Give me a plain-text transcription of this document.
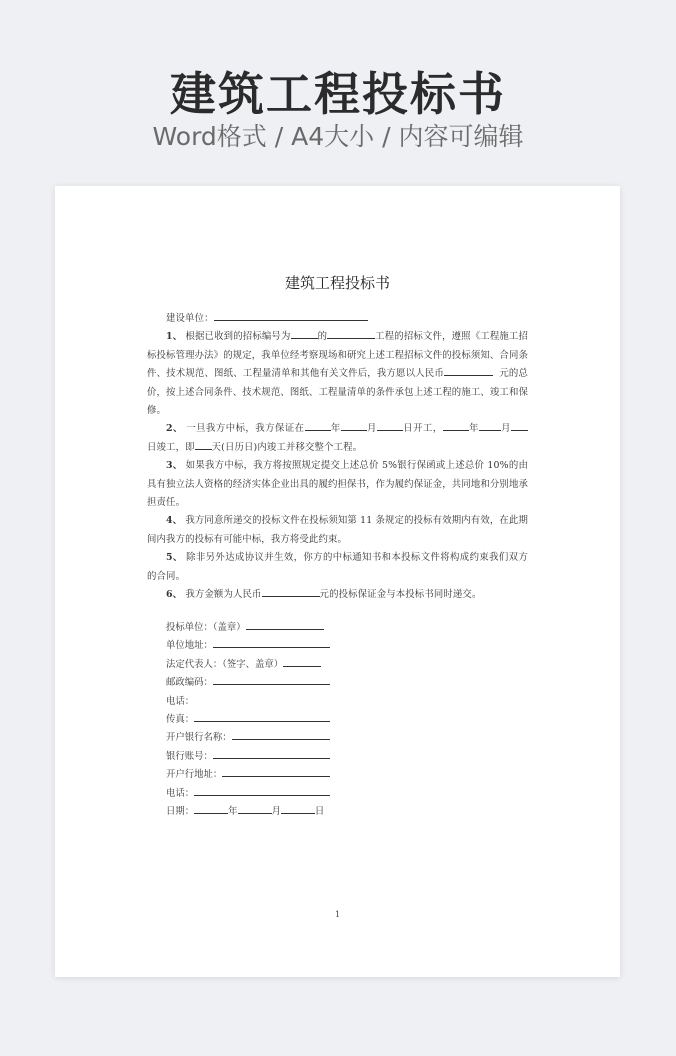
建筑工程投标书
Word格式 / A4大小 / 内容可编辑
建筑工程投标书

建设单位：

1、 根据已收到的招标编号为	的	工程的招标文件，遵照《工程施工招标投标管理办法》的规定，我单位经考察现场和研究上述工程招标文件的投标须知、合同条件、技术规范、图纸、工程量清单和其他有关文件后，我方愿以人民币	元的总价，按上述合同条件、技术规范、图纸、工程量清单的条件承包上述工程的施工、竣工和保修。

2、 一旦我方中标，我方保证在	年	月	日开工，	年 月日竣工，即 天(日历日)内竣工并移交整个工程。

3、 如果我方中标，我方将按照规定提交上述总价 5%银行保函或上述总价 10%的由具有独立法人资格的经济实体企业出具的履约担保书，作为履约保证金，共同地和分别地承担责任。

4、 我方同意所递交的投标文件在投标须知第 11 条规定的投标有效期内有效，在此期间内我方的投标有可能中标，我方将受此约束。

5、 除非另外达成协议并生效，你方的中标通知书和本投标文件将构成约束我们双方的合同。

6、 我方金额为人民币	元的投标保证金与本投标书同时递交。

投标单位：（盖章）
单位地址：
法定代表人：（签字、盖章）
邮政编码：
电话：
传真：
开户银行名称：
银行账号：
开户行地址：
电话：
日期：	年	月	日
1
